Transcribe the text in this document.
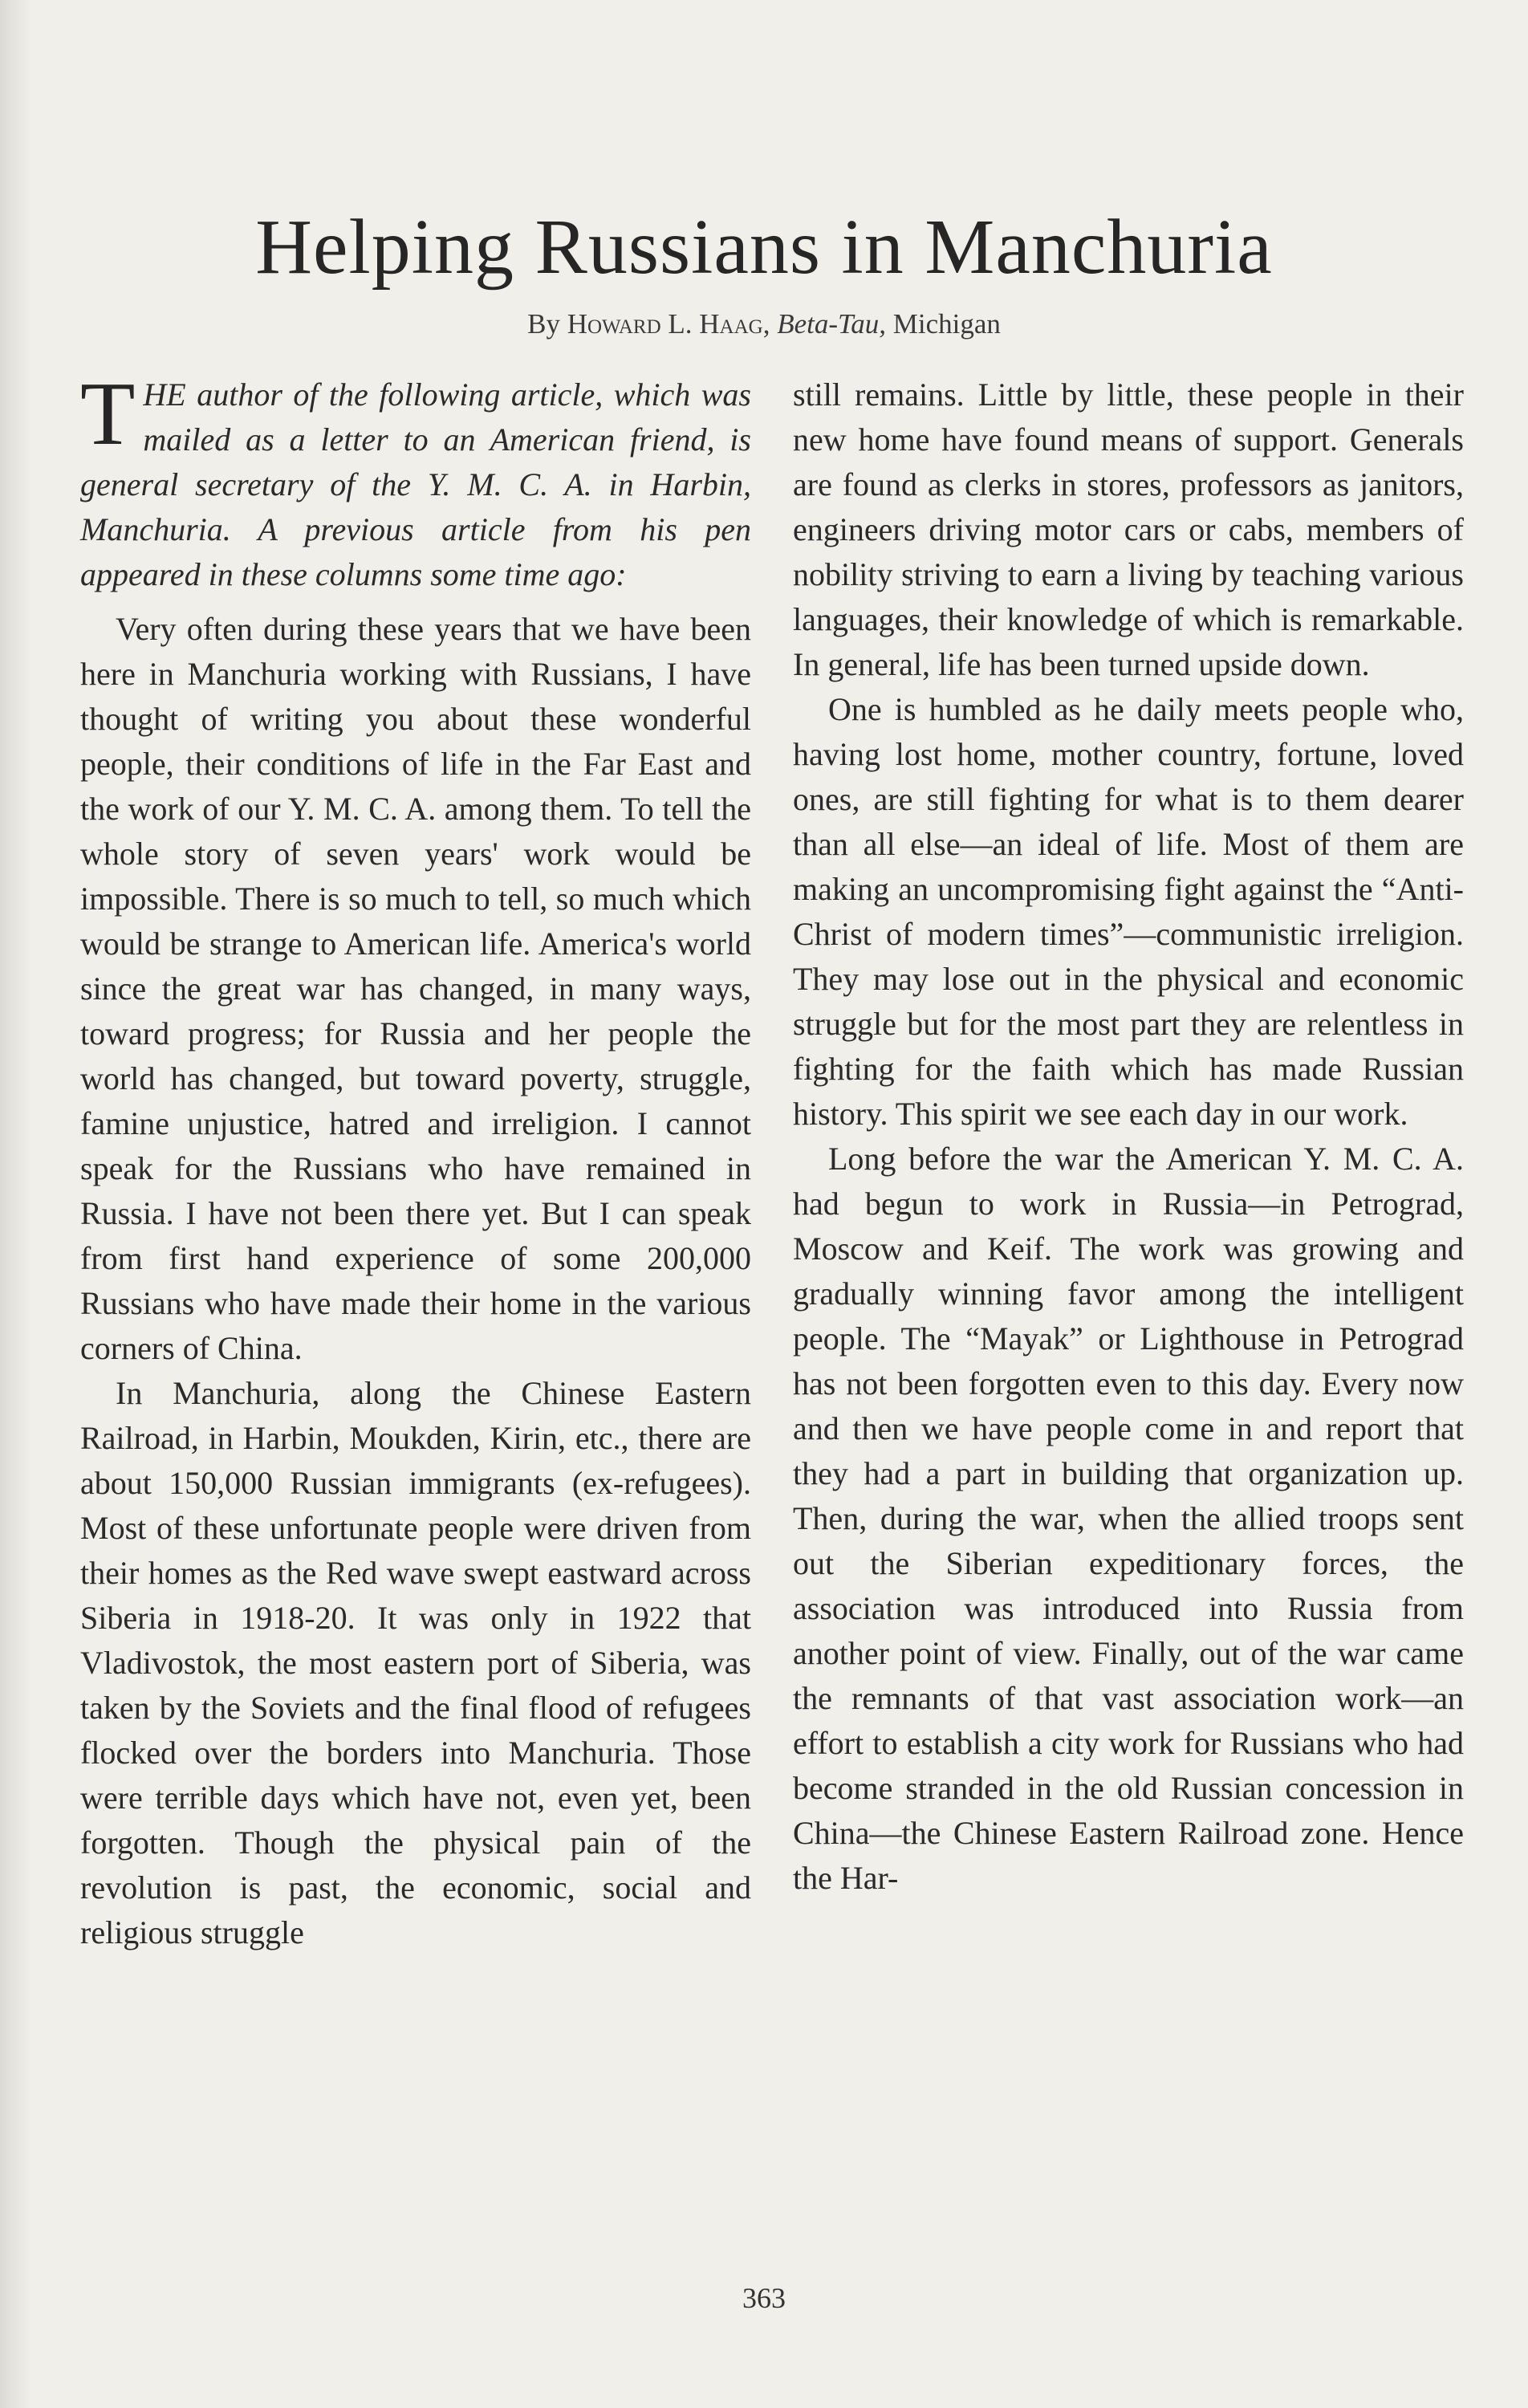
Helping Russians in Manchuria
By Howard L. Haag, Beta-Tau, Michigan

THE author of the following article, which was mailed as a letter to an American friend, is general secretary of the Y. M. C. A. in Harbin, Manchuria. A previous article from his pen appeared in these columns some time ago:

Very often during these years that we have been here in Manchuria working with Russians, I have thought of writing you about these wonderful people, their conditions of life in the Far East and the work of our Y. M. C. A. among them. To tell the whole story of seven years' work would be impossible. There is so much to tell, so much which would be strange to American life. America's world since the great war has changed, in many ways, toward progress; for Russia and her people the world has changed, but toward poverty, struggle, famine unjustice, hatred and irreligion. I cannot speak for the Russians who have remained in Russia. I have not been there yet. But I can speak from first hand experience of some 200,000 Russians who have made their home in the various corners of China.

In Manchuria, along the Chinese Eastern Railroad, in Harbin, Moukden, Kirin, etc., there are about 150,000 Russian immigrants (ex-refugees). Most of these unfortunate people were driven from their homes as the Red wave swept eastward across Siberia in 1918-20. It was only in 1922 that Vladivostok, the most eastern port of Siberia, was taken by the Soviets and the final flood of refugees flocked over the borders into Manchuria. Those were terrible days which have not, even yet, been forgotten. Though the physical pain of the revolution is past, the economic, social and religious struggle

still remains. Little by little, these people in their new home have found means of support. Generals are found as clerks in stores, professors as janitors, engineers driving motor cars or cabs, members of nobility striving to earn a living by teaching various languages, their knowledge of which is remarkable. In general, life has been turned upside down.

One is humbled as he daily meets people who, having lost home, mother country, fortune, loved ones, are still fighting for what is to them dearer than all else—an ideal of life. Most of them are making an uncompromising fight against the “Anti-Christ of modern times”—communistic irreligion. They may lose out in the physical and economic struggle but for the most part they are relentless in fighting for the faith which has made Russian history. This spirit we see each day in our work.

Long before the war the American Y. M. C. A. had begun to work in Russia—in Petrograd, Moscow and Keif. The work was growing and gradually winning favor among the intelligent people. The “Mayak” or Lighthouse in Petrograd has not been forgotten even to this day. Every now and then we have people come in and report that they had a part in building that organization up. Then, during the war, when the allied troops sent out the Siberian expeditionary forces, the association was introduced into Russia from another point of view. Finally, out of the war came the remnants of that vast association work—an effort to establish a city work for Russians who had become stranded in the old Russian concession in China—the Chinese Eastern Railroad zone. Hence the Har-

363
